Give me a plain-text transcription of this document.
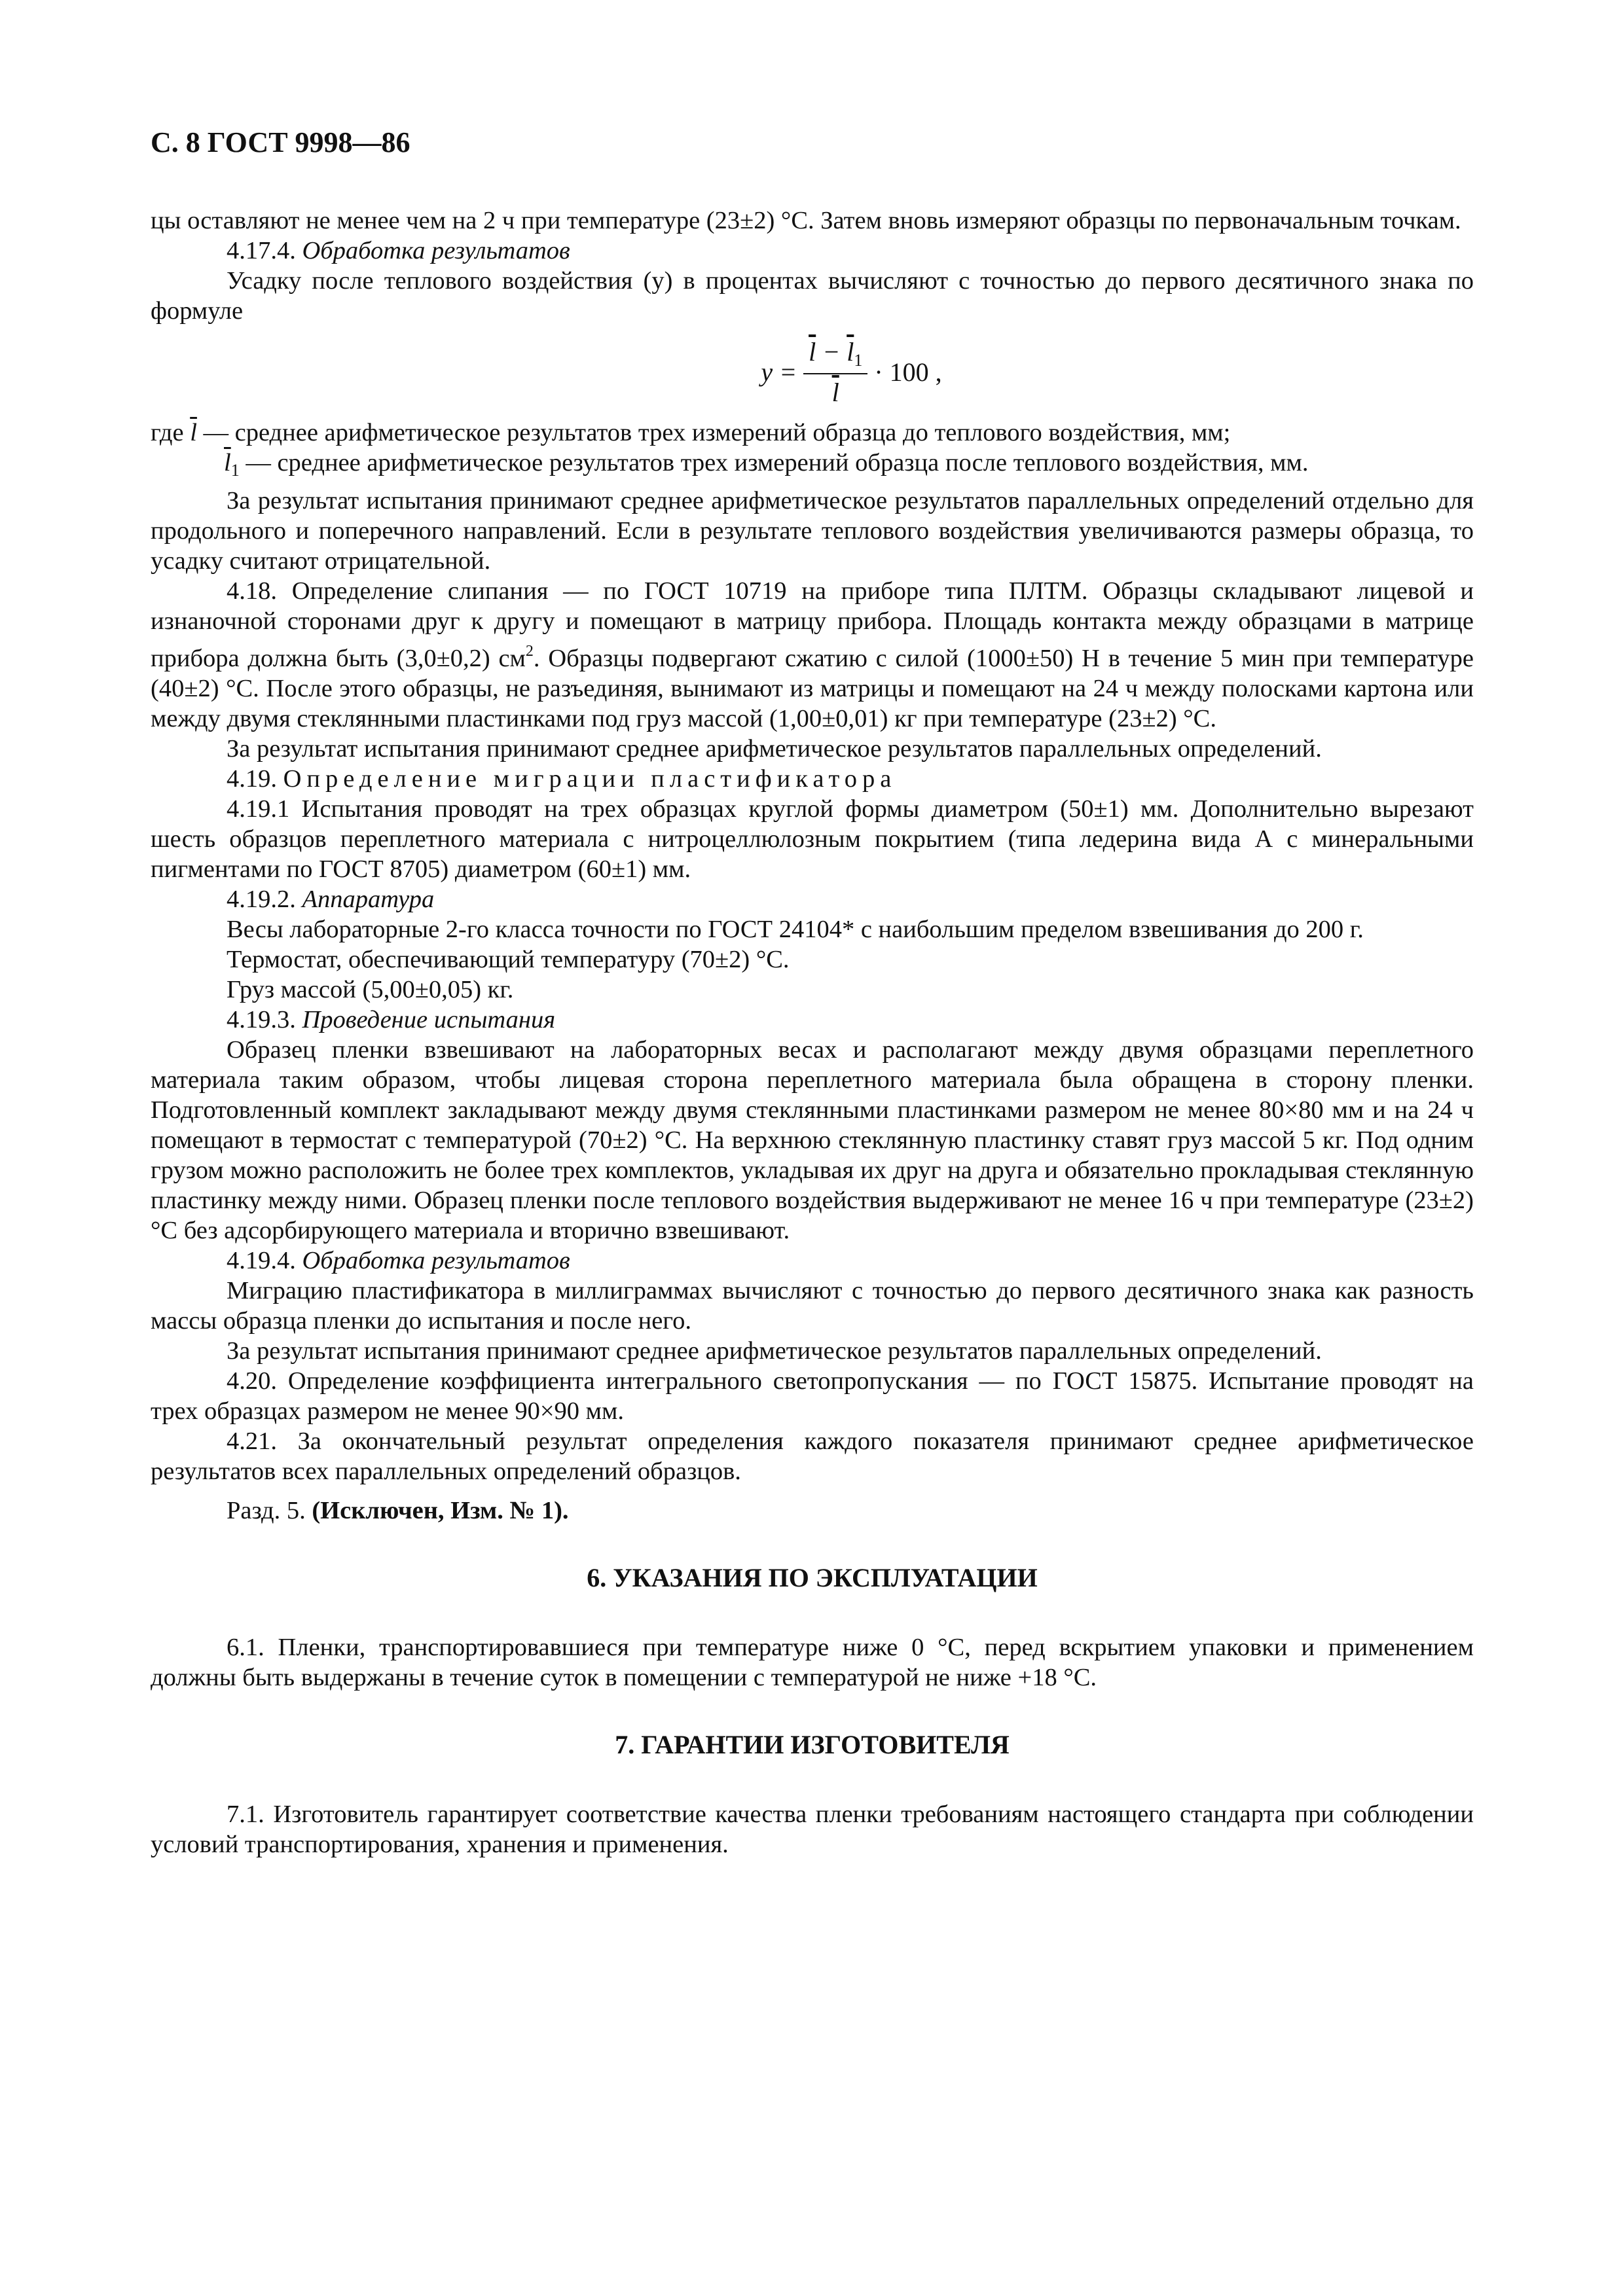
С. 8 ГОСТ 9998—86

цы оставляют не менее чем на 2 ч при температуре (23±2) °С. Затем вновь измеряют образцы по первоначальным точкам.

4.17.4. Обработка результатов

Усадку после теплового воздействия (y) в процентах вычисляют с точностью до первого десятичного знака по формуле

$y = \frac{\overline{l} - \overline{l}_1}{l} \cdot 100$ ,

где $\overline{l}$ — среднее арифметическое результатов трех измерений образца до теплового воздействия, мм;

$\overline{l}_1$ — среднее арифметическое результатов трех измерений образца после теплового воздействия, мм.

За результат испытания принимают среднее арифметическое результатов параллельных определений отдельно для продольного и поперечного направлений. Если в результате теплового воздействия увеличиваются размеры образца, то усадку считают отрицательной.

4.18. Определение слипания — по ГОСТ 10719 на приборе типа ПЛТМ. Образцы складывают лицевой и изнаночной сторонами друг к другу и помещают в матрицу прибора. Площадь контакта между образцами в матрице прибора должна быть (3,0±0,2) $см^2$. Образцы подвергают сжатию с силой (1000±50) Н в течение 5 мин при температуре (40±2) °С. После этого образцы, не разъединяя, вынимают из матрицы и помещают на 24 ч между полосками картона или между двумя стеклянными пластинками под груз массой (1,00±0,01) кг при температуре (23±2) °С.

За результат испытания принимают среднее арифметическое результатов параллельных определений.

4.19. Определение миграции пластификатора

4.19.1 Испытания проводят на трех образцах круглой формы диаметром (50±1) мм. Дополнительно вырезают шесть образцов переплетного материала с нитроцеллюлозным покрытием (типа ледерина вида А с минеральными пигментами по ГОСТ 8705) диаметром (60±1) мм.

4.19.2. Аппаратура

Весы лабораторные 2-го класса точности по ГОСТ 24104* с наибольшим пределом взвешивания до 200 г.

Термостат, обеспечивающий температуру (70±2) °С.

Груз массой (5,00±0,05) кг.

4.19.3. Проведение испытания

Образец пленки взвешивают на лабораторных весах и располагают между двумя образцами переплетного материала таким образом, чтобы лицевая сторона переплетного материала была обращена в сторону пленки. Подготовленный комплект закладывают между двумя стеклянными пластинками размером не менее 80×80 мм и на 24 ч помещают в термостат с температурой (70±2) °С. На верхнюю стеклянную пластинку ставят груз массой 5 кг. Под одним грузом можно расположить не более трех комплектов, укладывая их друг на друга и обязательно прокладывая стеклянную пластинку между ними. Образец пленки после теплового воздействия выдерживают не менее 16 ч при температуре (23±2) °С без адсорбирующего материала и вторично взвешивают.

4.19.4. Обработка результатов

Миграцию пластификатора в миллиграммах вычисляют с точностью до первого десятичного знака как разность массы образца пленки до испытания и после него.

За результат испытания принимают среднее арифметическое результатов параллельных определений.

4.20. Определение коэффициента интегрального светопропускания — по ГОСТ 15875. Испытание проводят на трех образцах размером не менее 90×90 мм.

4.21. За окончательный результат определения каждого показателя принимают среднее арифметическое результатов всех параллельных определений образцов.

Разд. 5. (Исключен, Изм. № 1).

6. УКАЗАНИЯ ПО ЭКСПЛУАТАЦИИ

6.1. Пленки, транспортировавшиеся при температуре ниже 0 °С, перед вскрытием упаковки и применением должны быть выдержаны в течение суток в помещении с температурой не ниже +18 °С.

7. ГАРАНТИИ ИЗГОТОВИТЕЛЯ

7.1. Изготовитель гарантирует соответствие качества пленки требованиям настоящего стандарта при соблюдении условий транспортирования, хранения и применения.
